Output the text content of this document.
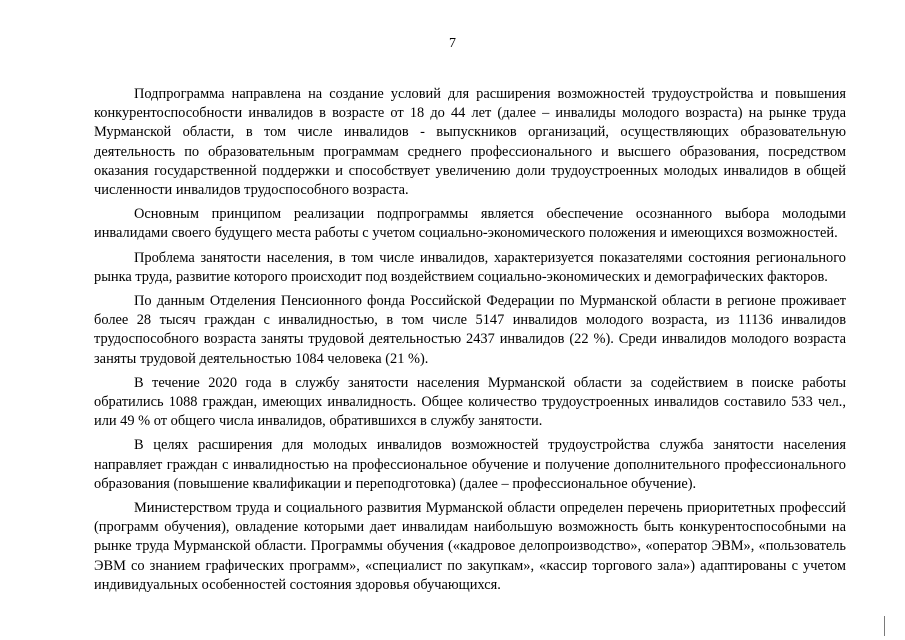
7

Подпрограмма направлена на создание условий для расширения возможностей трудоустройства и повышения конкурентоспособности инвалидов в возрасте от 18 до 44 лет (далее – инвалиды молодого возраста) на рынке труда Мурманской области, в том числе инвалидов - выпускников организаций, осуществляющих образовательную деятельность по образовательным программам среднего профессионального и высшего образования, посредством оказания государственной поддержки и способствует увеличению доли трудоустроенных молодых инвалидов в общей численности инвалидов трудоспособного возраста.

Основным принципом реализации подпрограммы является обеспечение осознанного выбора молодыми инвалидами своего будущего места работы с учетом социально-экономического положения и имеющихся возможностей.

Проблема занятости населения, в том числе инвалидов, характеризуется показателями состояния регионального рынка труда, развитие которого происходит под воздействием социально-экономических и демографических факторов.

По данным Отделения Пенсионного фонда Российской Федерации по Мурманской области в регионе проживает более 28 тысяч граждан с инвалидностью, в том числе 5147 инвалидов молодого возраста, из 11136 инвалидов трудоспособного возраста заняты трудовой деятельностью 2437 инвалидов (22 %). Среди инвалидов молодого возраста заняты трудовой деятельностью 1084 человека (21 %).

В течение 2020 года в службу занятости населения Мурманской области за содействием в поиске работы обратились 1088 граждан, имеющих инвалидность. Общее количество трудоустроенных инвалидов составило 533 чел., или 49 % от общего числа инвалидов, обратившихся в службу занятости.

В целях расширения для молодых инвалидов возможностей трудоустройства служба занятости населения направляет граждан с инвалидностью на профессиональное обучение и получение дополнительного профессионального образования (повышение квалификации и переподготовка) (далее – профессиональное обучение).

Министерством труда и социального развития Мурманской области определен перечень приоритетных профессий (программ обучения), овладение которыми дает инвалидам наибольшую возможность быть конкурентоспособными на рынке труда Мурманской области. Программы обучения («кадровое делопроизводство», «оператор ЭВМ», «пользователь ЭВМ со знанием графических программ», «специалист по закупкам», «кассир торгового зала») адаптированы с учетом индивидуальных особенностей состояния здоровья обучающихся.
